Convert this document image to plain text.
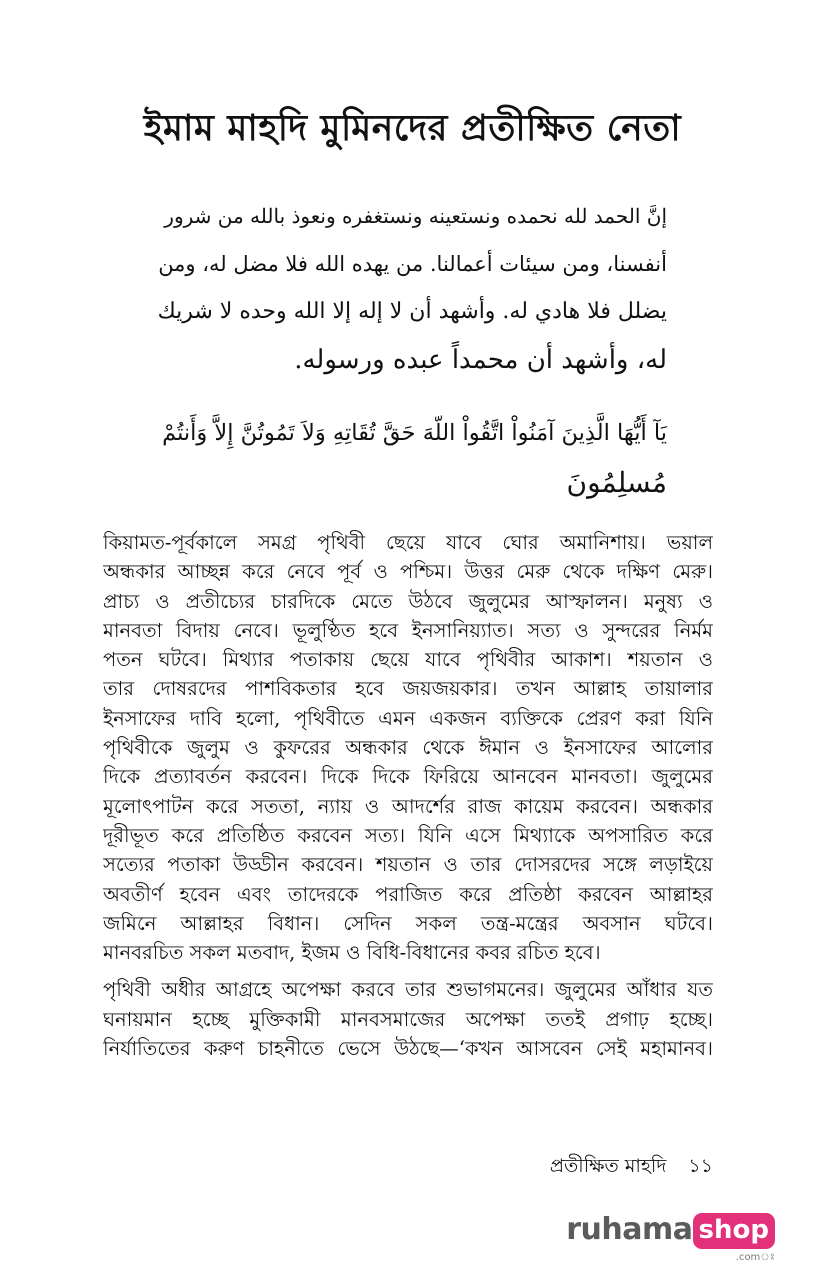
ইমাম মাহদি মুমিনদের প্রতীক্ষিত নেতা
إنَّ الحمد لله نحمده ونستعينه ونستغفره ونعوذ بالله من شرور
أنفسنا، ومن سيئات أعمالنا. من يهده الله فلا مضل له، ومن
يضلل فلا هادي له. وأشهد أن لا إله إلا الله وحده لا شريك
له، وأشهد أن محمداً عبده ورسوله.
يَآ أَيُّهَا الَّذِينَ آمَنُواْ اتَّقُواْ اللّهَ حَقَّ تُقَاتِهِ وَلاَ تَمُوتُنَّ إِلاَّ وَأَنتُمْ
مُسلِمُونَ
কিয়ামত-পূর্বকালে সমগ্র পৃথিবী ছেয়ে যাবে ঘোর অমানিশায়। ভয়াল
অন্ধকার আচ্ছন্ন করে নেবে পূর্ব ও পশ্চিম। উত্তর মেরু থেকে দক্ষিণ মেরু।
প্রাচ্য ও প্রতীচ্যের চারদিকে মেতে উঠবে জুলুমের আস্ফালন। মনুষ্য ও
মানবতা বিদায় নেবে। ভূলুণ্ঠিত হবে ইনসানিয়্যাত। সত্য ও সুন্দরের নির্মম
পতন ঘটবে। মিথ্যার পতাকায় ছেয়ে যাবে পৃথিবীর আকাশ। শয়তান ও
তার দোষরদের পাশবিকতার হবে জয়জয়কার। তখন আল্লাহ তায়ালার
ইনসাফের দাবি হলো, পৃথিবীতে এমন একজন ব্যক্তিকে প্রেরণ করা যিনি
পৃথিবীকে জুলুম ও কুফরের অন্ধকার থেকে ঈমান ও ইনসাফের আলোর
দিকে প্রত্যাবর্তন করবেন। দিকে দিকে ফিরিয়ে আনবেন মানবতা। জুলুমের
মূলোৎপাটন করে সততা, ন্যায় ও আদর্শের রাজ কায়েম করবেন। অন্ধকার
দূরীভূত করে প্রতিষ্ঠিত করবেন সত্য। যিনি এসে মিথ্যাকে অপসারিত করে
সত্যের পতাকা উড্ডীন করবেন। শয়তান ও তার দোসরদের সঙ্গে লড়াইয়ে
অবতীর্ণ হবেন এবং তাদেরকে পরাজিত করে প্রতিষ্ঠা করবেন আল্লাহর
জমিনে আল্লাহর বিধান। সেদিন সকল তন্ত্র-মন্ত্রের অবসান ঘটবে।
মানবরচিত সকল মতবাদ, ইজম ও বিধি-বিধানের কবর রচিত হবে।
পৃথিবী অধীর আগ্রহে অপেক্ষা করবে তার শুভাগমনের। জুলুমের আঁধার যত
ঘনায়মান হচ্ছে মুক্তিকামী মানবসমাজের অপেক্ষা ততই প্রগাঢ় হচ্ছে।
নির্যাতিতের করুণ চাহনীতে ভেসে উঠছে—‘কখন আসবেন সেই মহামানব।
প্রতীক্ষিত মাহদি ১১
ruhama shop
.comঃ
